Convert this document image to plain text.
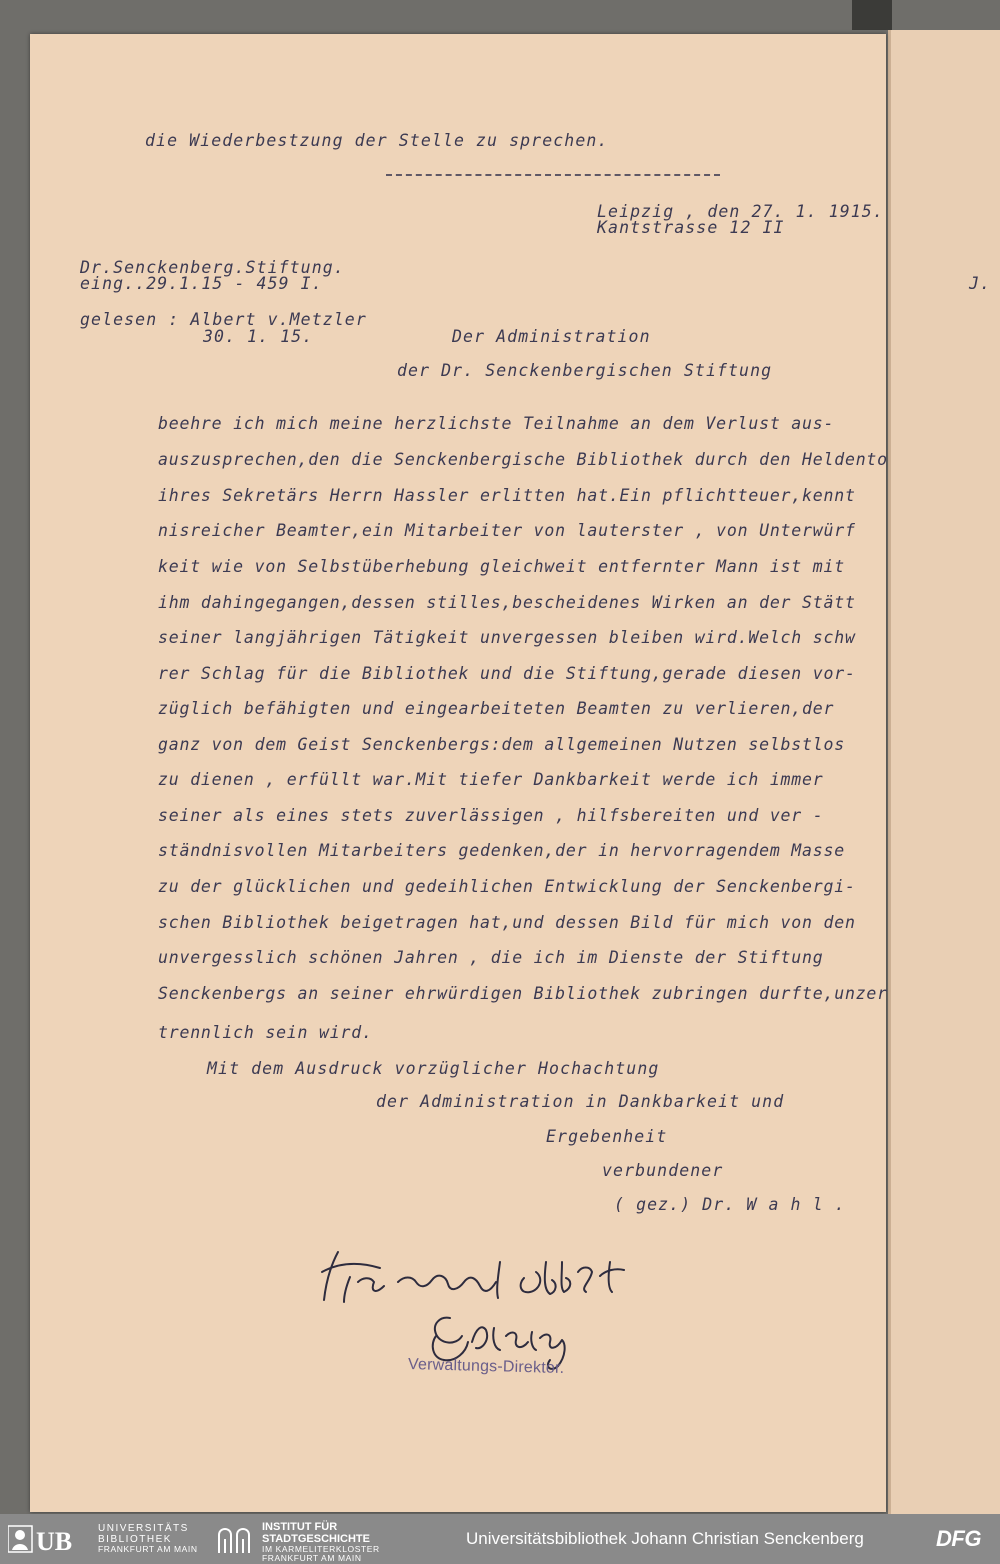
J.
die Wiederbestzung der Stelle zu sprechen.
Leipzig , den 27. 1. 1915.
Kantstrasse 12 II
Dr.Senckenberg.Stiftung.
eing..29.1.15 - 459 I.
gelesen : Albert v.Metzler
30. 1. 15.	Der Administration
der Dr. Senckenbergischen Stiftung
beehre ich mich meine herzlichste Teilnahme an dem Verlust aus-
auszusprechen,den die Senckenbergische Bibliothek durch den Heldento
ihres Sekretärs Herrn Hassler erlitten hat.Ein pflichtteuer,kennt
nisreicher Beamter,ein Mitarbeiter von lauterster , von Unterwürf
keit wie von Selbstüberhebung gleichweit entfernter Mann ist mit
ihm dahingegangen,dessen stilles,bescheidenes Wirken an der Stätt
seiner langjährigen Tätigkeit unvergessen bleiben wird.Welch schw
rer Schlag für die Bibliothek und die Stiftung,gerade diesen vor-
züglich befähigten und eingearbeiteten Beamten zu verlieren,der
ganz von dem Geist Senckenbergs:dem allgemeinen Nutzen selbstlos
zu dienen , erfüllt war.Mit tiefer Dankbarkeit werde ich immer
seiner als eines stets zuverlässigen , hilfsbereiten und ver -
ständnisvollen Mitarbeiters gedenken,der in hervorragendem Masse
zu der glücklichen und gedeihlichen Entwicklung der Senckenbergi-
schen Bibliothek beigetragen hat,und dessen Bild für mich von den
unvergesslich schönen Jahren , die ich im Dienste der Stiftung
Senckenbergs an seiner ehrwürdigen Bibliothek zubringen durfte,unzer
trennlich sein wird.
Mit dem Ausdruck vorzüglicher Hochachtung
der Administration in Dankbarkeit und
Ergebenheit
verbundener
( gez.) Dr. W a h l .
Verwaltungs-Direktor.
UB	UNIVERSITÄTS
BIBLIOTHEK
FRANKFURT AM MAIN
INSTITUT FÜR
STADTGESCHICHTE
IM KARMELITERKLOSTER
FRANKFURT AM MAIN
Universitätsbibliothek Johann Christian Senckenberg	DFG
